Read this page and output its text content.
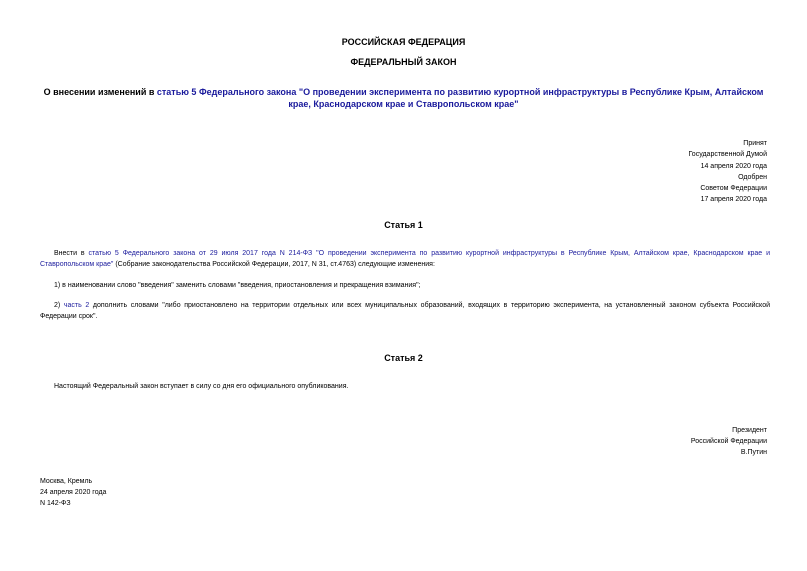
РОССИЙСКАЯ ФЕДЕРАЦИЯ
ФЕДЕРАЛЬНЫЙ ЗАКОН
О внесении изменений в статью 5 Федерального закона "О проведении эксперимента по развитию курортной инфраструктуры в Республике Крым, Алтайском крае, Краснодарском крае и Ставропольском крае"
Принят
Государственной Думой
14 апреля 2020 года
Одобрен
Советом Федерации
17 апреля 2020 года
Статья 1
Внести в статью 5 Федерального закона от 29 июля 2017 года N 214-ФЗ "О проведении эксперимента по развитию курортной инфраструктуры в Республике Крым, Алтайском крае, Краснодарском крае и Ставропольском крае" (Собрание законодательства Российской Федерации, 2017, N 31, ст.4763) следующие изменения:
1) в наименовании слово "введения" заменить словами "введения, приостановления и прекращения взимания";
2) часть 2 дополнить словами "либо приостановлено на территории отдельных или всех муниципальных образований, входящих в территорию эксперимента, на установленный законом субъекта Российской Федерации срок".
Статья 2
Настоящий Федеральный закон вступает в силу со дня его официального опубликования.
Президент
Российской Федерации
В.Путин
Москва, Кремль
24 апреля 2020 года
N 142-ФЗ
